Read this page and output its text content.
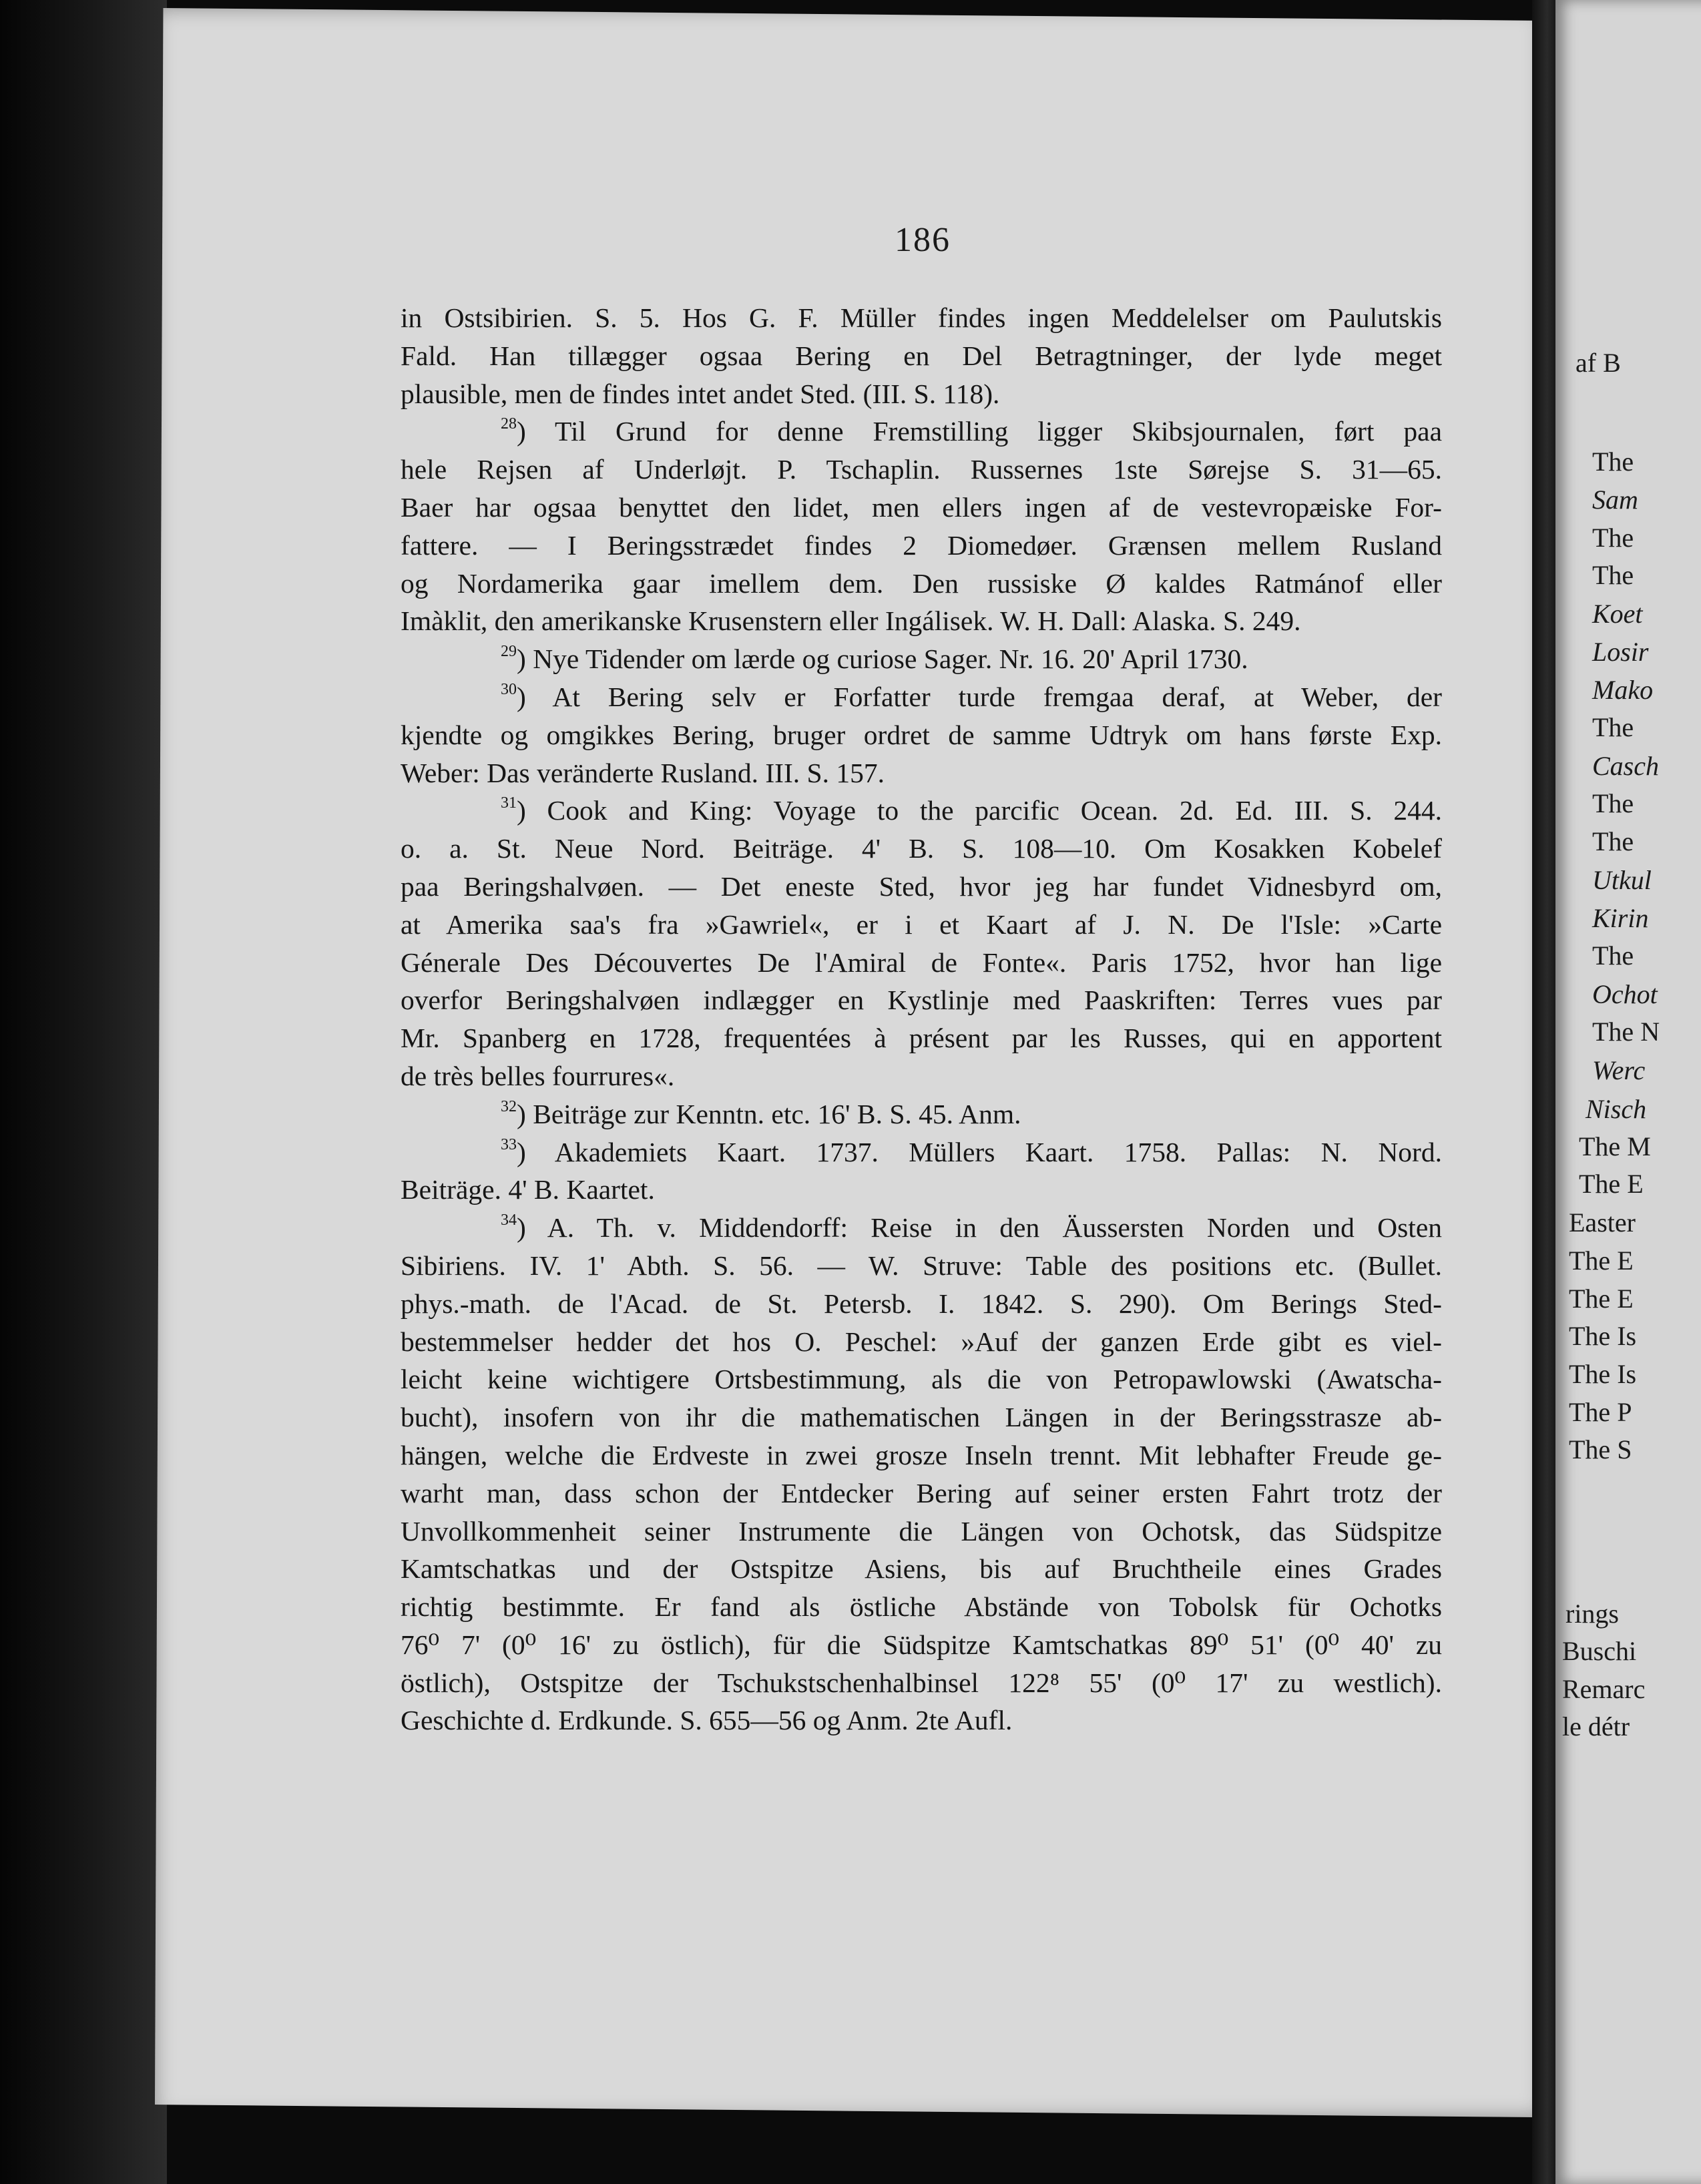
186
in Ostsibirien. S. 5. Hos G. F. Müller findes ingen Meddelelser om Paulutskis
Fald. Han tillægger ogsaa Bering en Del Betragtninger, der lyde meget
plausible, men de findes intet andet Sted. (III. S. 118).
$^{28}$) Til Grund for denne Fremstilling ligger Skibsjournalen, ført paa
hele Rejsen af Underløjt. P. Tschaplin. Russernes 1ste Sørejse S. 31—65.
Baer har ogsaa benyttet den lidet, men ellers ingen af de vestevropæiske For-
fattere. — I Beringsstrædet findes 2 Diomedøer. Grænsen mellem Rusland
og Nordamerika gaar imellem dem. Den russiske Ø kaldes Ratmánof eller
Imàklit, den amerikanske Krusenstern eller Ingálisek. W. H. Dall: Alaska. S. 249.
$^{29}$) Nye Tidender om lærde og curiose Sager. Nr. 16. 20' April 1730.
$^{30}$) At Bering selv er Forfatter turde fremgaa deraf, at Weber, der
kjendte og omgikkes Bering, bruger ordret de samme Udtryk om hans første Exp.
Weber: Das veränderte Rusland. III. S. 157.
$^{31}$) Cook and King: Voyage to the parcific Ocean. 2d. Ed. III. S. 244.
o. a. St. Neue Nord. Beiträge. 4' B. S. 108—10. Om Kosakken Kobelef
paa Beringshalvøen. — Det eneste Sted, hvor jeg har fundet Vidnesbyrd om,
at Amerika saa's fra »Gawriel«, er i et Kaart af J. N. De l'Isle: »Carte
Génerale Des Découvertes De l'Amiral de Fonte«. Paris 1752, hvor han lige
overfor Beringshalvøen indlægger en Kystlinje med Paaskriften: Terres vues par
Mr. Spanberg en 1728, frequentées à présent par les Russes, qui en apportent
de très belles fourrures«.
$^{32}$) Beiträge zur Kenntn. etc. 16' B. S. 45. Anm.
$^{33}$) Akademiets Kaart. 1737. Müllers Kaart. 1758. Pallas: N. Nord.
Beiträge. 4' B. Kaartet.
$^{34}$) A. Th. v. Middendorff: Reise in den Äussersten Norden und Osten
Sibiriens. IV. 1' Abth. S. 56. — W. Struve: Table des positions etc. (Bullet.
phys.-math. de l'Acad. de St. Petersb. I. 1842. S. 290). Om Berings Sted-
bestemmelser hedder det hos O. Peschel: »Auf der ganzen Erde gibt es viel-
leicht keine wichtigere Ortsbestimmung, als die von Petropawlowski (Awatscha-
bucht), insofern von ihr die mathematischen Längen in der Beringsstrasze ab-
hängen, welche die Erdveste in zwei grosze Inseln trennt. Mit lebhafter Freude ge-
warht man, dass schon der Entdecker Bering auf seiner ersten Fahrt trotz der
Unvollkommenheit seiner Instrumente die Längen von Ochotsk, das Südspitze
Kamtschatkas und der Ostspitze Asiens, bis auf Bruchtheile eines Grades
richtig bestimmte. Er fand als östliche Abstände von Tobolsk für Ochotks
76⁰ 7' (0⁰ 16' zu östlich), für die Südspitze Kamtschatkas 89⁰ 51' (0⁰ 40' zu
östlich), Ostspitze der Tschukstschenhalbinsel 122⁸ 55' (0⁰ 17' zu westlich).
Geschichte d. Erdkunde. S. 655—56 og Anm. 2te Aufl.
af B
The
Sam
The
The
Koet
Losir
Mako
The
Casch
The
The
Utkul
Kirin
The
Ochot
The N
Werc
Nisch
The M
The E
Easter
The E
The E
The Is
The Is
The P
The S
rings
Buschi
Remarc
le détr
